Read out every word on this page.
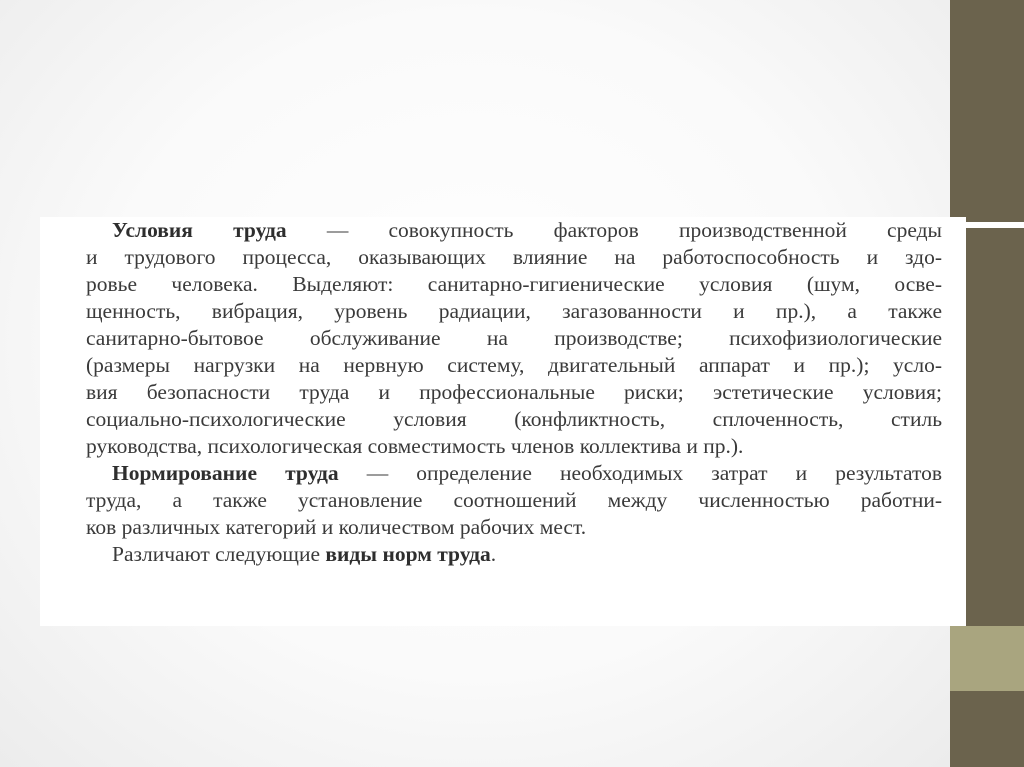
Условия труда — совокупность факторов производственной среды
и трудового процесса, оказывающих влияние на работоспособность и здо-
ровье человека. Выделяют: санитарно-гигиенические условия (шум, осве-
щенность, вибрация, уровень радиации, загазованности и пр.), а также
санитарно-бытовое обслуживание на производстве; психофизиологические
(размеры нагрузки на нервную систему, двигательный аппарат и пр.); усло-
вия безопасности труда и профессиональные риски; эстетические условия;
социально-психологические условия (конфликтность, сплоченность, стиль
руководства, психологическая совместимость членов коллектива и пр.).
Нормирование труда — определение необходимых затрат и результатов
труда, а также установление соотношений между численностью работни-
ков различных категорий и количеством рабочих мест.
Различают следующие виды норм труда.
